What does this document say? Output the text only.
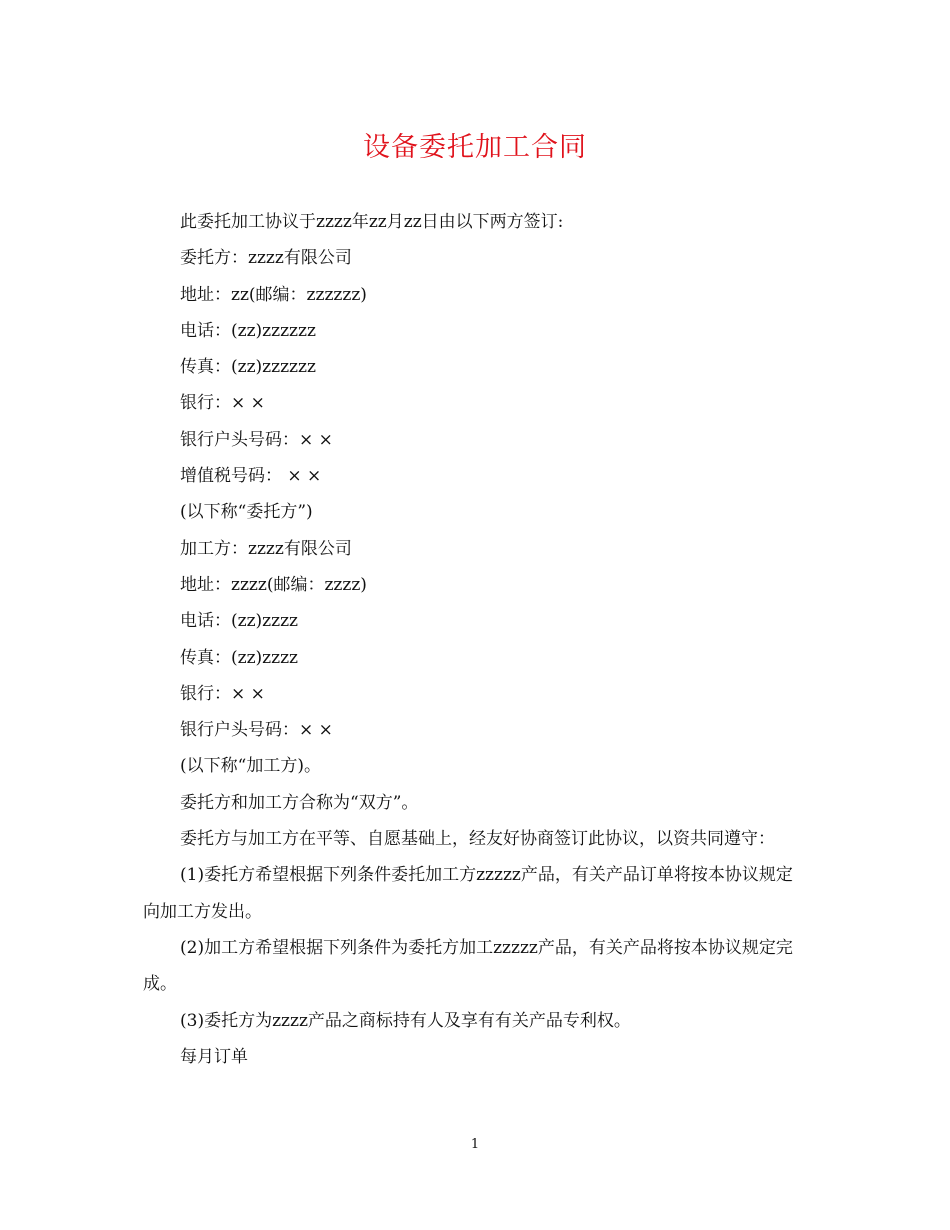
设备委托加工合同
此委托加工协议于zzzz年zz月zz日由以下两方签订:
委托方：zzzz有限公司
地址：zz(邮编：zzzzzz)
电话：(zz)zzzzzz
传真：(zz)zzzzzz
银行：× ×
银行户头号码：× ×
增值税号码： × ×
(以下称“委托方”)
加工方：zzzz有限公司
地址：zzzz(邮编：zzzz)
电话：(zz)zzzz
传真：(zz)zzzz
银行：× ×
银行户头号码：× ×
(以下称“加工方)。
委托方和加工方合称为“双方”。
委托方与加工方在平等、自愿基础上，经友好协商签订此协议，以资共同遵守：
(1)委托方希望根据下列条件委托加工方zzzzz产品，有关产品订单将按本协议规定向加工方发出。
(2)加工方希望根据下列条件为委托方加工zzzzz产品，有关产品将按本协议规定完成。
(3)委托方为zzzz产品之商标持有人及享有有关产品专利权。
每月订单
1
